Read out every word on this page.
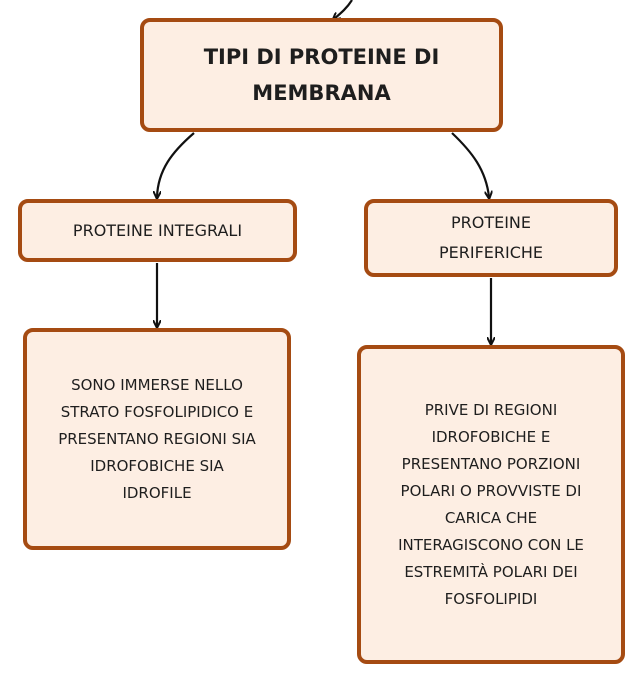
TIPI DI PROTEINE DI
MEMBRANA
PROTEINE INTEGRALI	PROTEINE
PERIFERICHE
SONO IMMERSE NELLO
STRATO FOSFOLIPIDICO E
PRESENTANO REGIONI SIA
IDROFOBICHE SIA
IDROFILE
PRIVE DI REGIONI
IDROFOBICHE E
PRESENTANO PORZIONI
POLARI O PROVVISTE DI
CARICA CHE
INTERAGISCONO CON LE
ESTREMITÀ POLARI DEI
FOSFOLIPIDI
